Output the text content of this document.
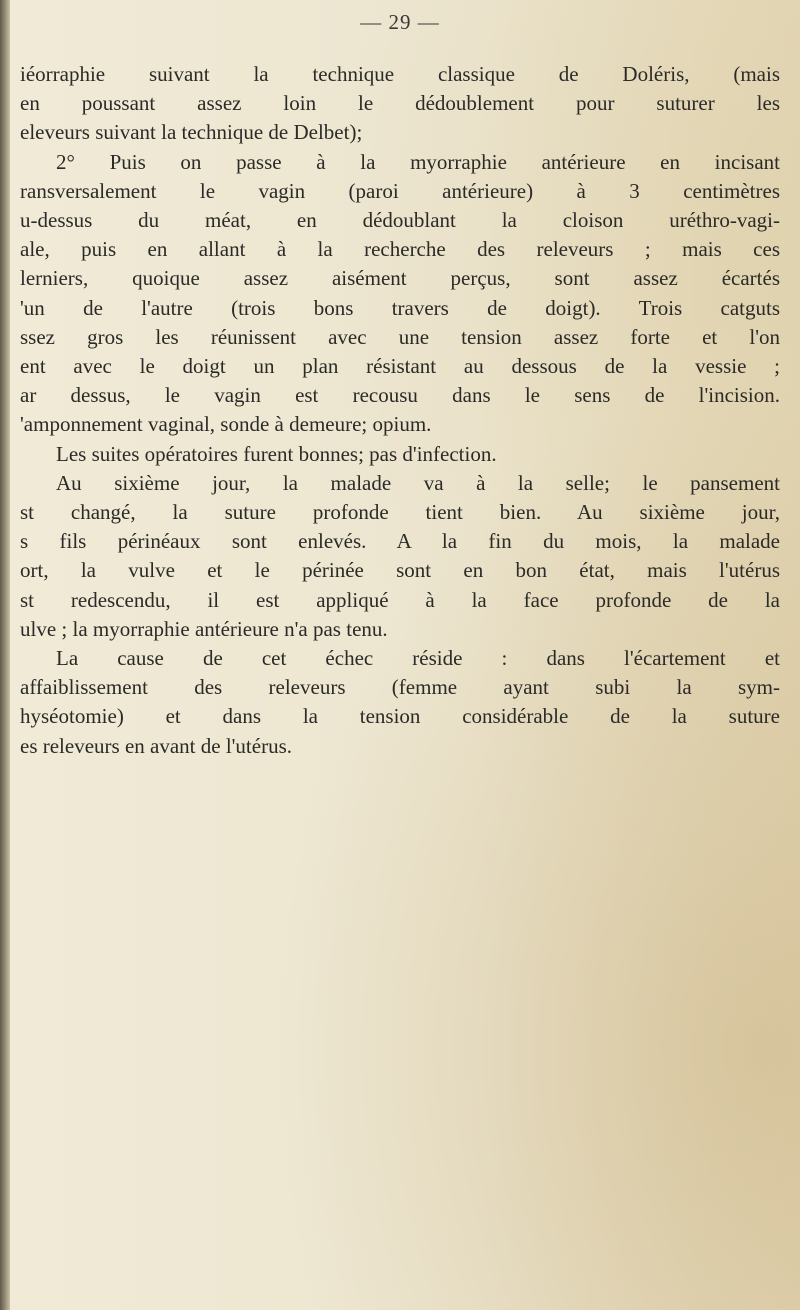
— 29 —
iéorraphie suivant la technique classique de Doléris, (mais
en poussant assez loin le dédoublement pour suturer les
eleveurs suivant la technique de Delbet);
2° Puis on passe à la myorraphie antérieure en incisant
ransversalement le vagin (paroi antérieure) à 3 centimètres
u-dessus du méat, en dédoublant la cloison uréthro-vagi-
ale, puis en allant à la recherche des releveurs ; mais ces
lerniers, quoique assez aisément perçus, sont assez écartés
'un de l'autre (trois bons travers de doigt). Trois catguts
ssez gros les réunissent avec une tension assez forte et l'on
ent avec le doigt un plan résistant au dessous de la vessie ;
ar dessus, le vagin est recousu dans le sens de l'incision.
'amponnement vaginal, sonde à demeure; opium.
Les suites opératoires furent bonnes; pas d'infection.
Au sixième jour, la malade va à la selle; le pansement
st changé, la suture profonde tient bien. Au sixième jour,
s fils périnéaux sont enlevés. A la fin du mois, la malade
ort, la vulve et le périnée sont en bon état, mais l'utérus
st redescendu, il est appliqué à la face profonde de la
ulve ; la myorraphie antérieure n'a pas tenu.
La cause de cet échec réside : dans l'écartement et
affaiblissement des releveurs (femme ayant subi la sym-
hyséotomie) et dans la tension considérable de la suture
es releveurs en avant de l'utérus.
